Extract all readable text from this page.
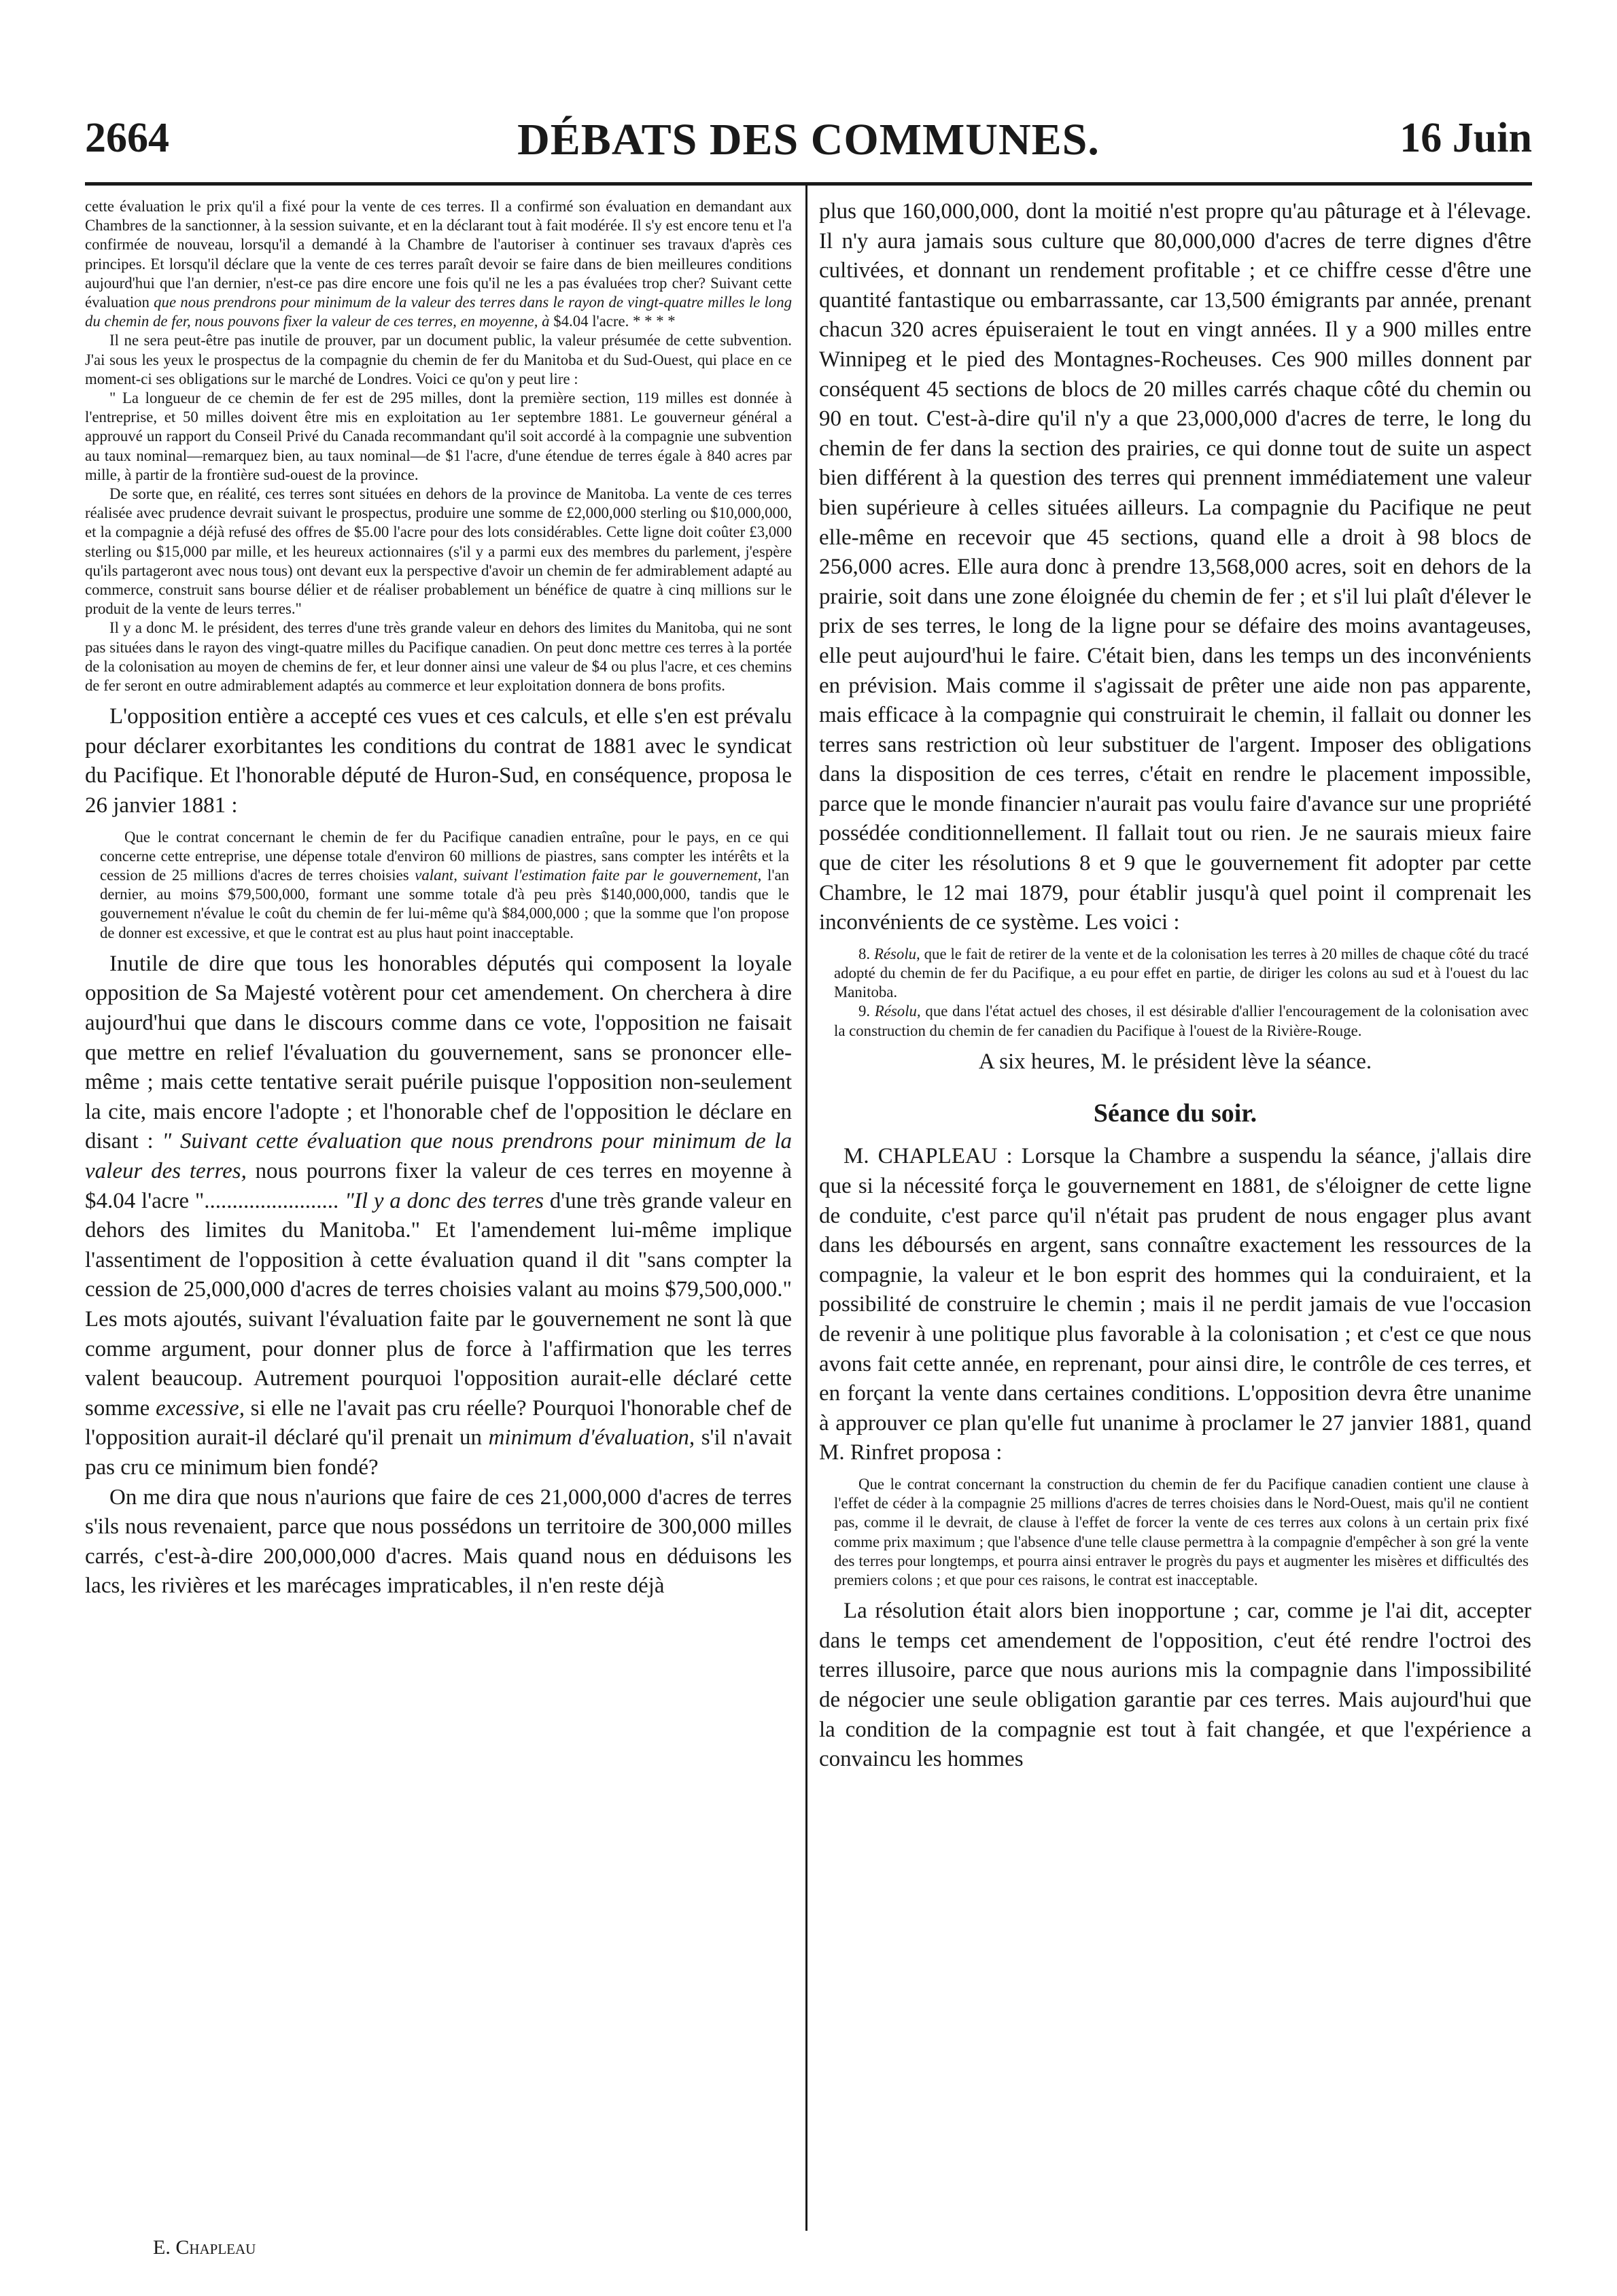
2664	DÉBATS DES COMMUNES.	16 Juin

cette évaluation le prix qu'il a fixé pour la vente de ces terres. Il a confirmé son évaluation en demandant aux Chambres de la sanctionner, à la session suivante, et en la déclarant tout à fait modérée. Il s'y est encore tenu et l'a confirmée de nouveau, lorsqu'il a demandé à la Chambre de l'autoriser à continuer ses travaux d'après ces principes. Et lorsqu'il déclare que la vente de ces terres paraît devoir se faire dans de bien meilleures conditions aujourd'hui que l'an dernier, n'est-ce pas dire encore une fois qu'il ne les a pas évaluées trop cher? Suivant cette évaluation que nous prendrons pour minimum de la valeur des terres dans le rayon de vingt-quatre milles le long du chemin de fer, nous pouvons fixer la valeur de ces terres, en moyenne, à $4.04 l'acre. * * * *

Il ne sera peut-être pas inutile de prouver, par un document public, la valeur présumée de cette subvention. J'ai sous les yeux le prospectus de la compagnie du chemin de fer du Manitoba et du Sud-Ouest, qui place en ce moment-ci ses obligations sur le marché de Londres. Voici ce qu'on y peut lire :

" La longueur de ce chemin de fer est de 295 milles, dont la première section, 119 milles est donnée à l'entreprise, et 50 milles doivent être mis en exploitation au 1er septembre 1881. Le gouverneur général a approuvé un rapport du Conseil Privé du Canada recommandant qu'il soit accordé à la compagnie une subvention au taux nominal—remarquez bien, au taux nominal—de $1 l'acre, d'une étendue de terres égale à 840 acres par mille, à partir de la frontière sud-ouest de la province.

De sorte que, en réalité, ces terres sont situées en dehors de la province de Manitoba. La vente de ces terres réalisée avec prudence devrait suivant le prospectus, produire une somme de £2,000,000 sterling ou $10,000,000, et la compagnie a déjà refusé des offres de $5.00 l'acre pour des lots considérables. Cette ligne doit coûter £3,000 sterling ou $15,000 par mille, et les heureux actionnaires (s'il y a parmi eux des membres du parlement, j'espère qu'ils partageront avec nous tous) ont devant eux la perspective d'avoir un chemin de fer admirablement adapté au commerce, construit sans bourse délier et de réaliser probablement un bénéfice de quatre à cinq millions sur le produit de la vente de leurs terres."

Il y a donc M. le président, des terres d'une très grande valeur en dehors des limites du Manitoba, qui ne sont pas situées dans le rayon des vingt-quatre milles du Pacifique canadien. On peut donc mettre ces terres à la portée de la colonisation au moyen de chemins de fer, et leur donner ainsi une valeur de $4 ou plus l'acre, et ces chemins de fer seront en outre admirablement adaptés au commerce et leur exploitation donnera de bons profits.

L'opposition entière a accepté ces vues et ces calculs, et elle s'en est prévalu pour déclarer exorbitantes les conditions du contrat de 1881 avec le syndicat du Pacifique. Et l'honorable député de Huron-Sud, en conséquence, proposa le 26 janvier 1881 :

Que le contrat concernant le chemin de fer du Pacifique canadien entraîne, pour le pays, en ce qui concerne cette entreprise, une dépense totale d'environ 60 millions de piastres, sans compter les intérêts et la cession de 25 millions d'acres de terres choisies valant, suivant l'estimation faite par le gouvernement, l'an dernier, au moins $79,500,000, formant une somme totale d'à peu près $140,000,000, tandis que le gouvernement n'évalue le coût du chemin de fer lui-même qu'à $84,000,000 ; que la somme que l'on propose de donner est excessive, et que le contrat est au plus haut point inacceptable.

Inutile de dire que tous les honorables députés qui composent la loyale opposition de Sa Majesté votèrent pour cet amendement. On cherchera à dire aujourd'hui que dans le discours comme dans ce vote, l'opposition ne faisait que mettre en relief l'évaluation du gouvernement, sans se prononcer elle-même ; mais cette tentative serait puérile puisque l'opposition non-seulement la cite, mais encore l'adopte ; et l'honorable chef de l'opposition le déclare en disant : " Suivant cette évaluation que nous prendrons pour minimum de la valeur des terres, nous pourrons fixer la valeur de ces terres en moyenne à $4.04 l'acre "........................ "Il y a donc des terres d'une très grande valeur en dehors des limites du Manitoba." Et l'amendement lui-même implique l'assentiment de l'opposition à cette évaluation quand il dit "sans compter la cession de 25,000,000 d'acres de terres choisies valant au moins $79,500,000." Les mots ajoutés, suivant l'évaluation faite par le gouvernement ne sont là que comme argument, pour donner plus de force à l'affirmation que les terres valent beaucoup. Autrement pourquoi l'opposition aurait-elle déclaré cette somme excessive, si elle ne l'avait pas cru réelle? Pourquoi l'honorable chef de l'opposition aurait-il déclaré qu'il prenait un minimum d'évaluation, s'il n'avait pas cru ce minimum bien fondé?

On me dira que nous n'aurions que faire de ces 21,000,000 d'acres de terres s'ils nous revenaient, parce que nous possédons un territoire de 300,000 milles carrés, c'est-à-dire 200,000,000 d'acres. Mais quand nous en déduisons les lacs, les rivières et les marécages impraticables, il n'en reste déjà

plus que 160,000,000, dont la moitié n'est propre qu'au pâturage et à l'élevage. Il n'y aura jamais sous culture que 80,000,000 d'acres de terre dignes d'être cultivées, et donnant un rendement profitable ; et ce chiffre cesse d'être une quantité fantastique ou embarrassante, car 13,500 émigrants par année, prenant chacun 320 acres épuiseraient le tout en vingt années. Il y a 900 milles entre Winnipeg et le pied des Montagnes-Rocheuses. Ces 900 milles donnent par conséquent 45 sections de blocs de 20 milles carrés chaque côté du chemin ou 90 en tout. C'est-à-dire qu'il n'y a que 23,000,000 d'acres de terre, le long du chemin de fer dans la section des prairies, ce qui donne tout de suite un aspect bien différent à la question des terres qui prennent immédiatement une valeur bien supérieure à celles situées ailleurs. La compagnie du Pacifique ne peut elle-même en recevoir que 45 sections, quand elle a droit à 98 blocs de 256,000 acres. Elle aura donc à prendre 13,568,000 acres, soit en dehors de la prairie, soit dans une zone éloignée du chemin de fer ; et s'il lui plaît d'élever le prix de ses terres, le long de la ligne pour se défaire des moins avantageuses, elle peut aujourd'hui le faire. C'était bien, dans les temps un des inconvénients en prévision. Mais comme il s'agissait de prêter une aide non pas apparente, mais efficace à la compagnie qui construirait le chemin, il fallait ou donner les terres sans restriction où leur substituer de l'argent. Imposer des obligations dans la disposition de ces terres, c'était en rendre le placement impossible, parce que le monde financier n'aurait pas voulu faire d'avance sur une propriété possédée conditionnellement. Il fallait tout ou rien. Je ne saurais mieux faire que de citer les résolutions 8 et 9 que le gouvernement fit adopter par cette Chambre, le 12 mai 1879, pour établir jusqu'à quel point il comprenait les inconvénients de ce système. Les voici :

8. Résolu, que le fait de retirer de la vente et de la colonisation les terres à 20 milles de chaque côté du tracé adopté du chemin de fer du Pacifique, a eu pour effet en partie, de diriger les colons au sud et à l'ouest du lac Manitoba.

9. Résolu, que dans l'état actuel des choses, il est désirable d'allier l'encouragement de la colonisation avec la construction du chemin de fer canadien du Pacifique à l'ouest de la Rivière-Rouge.

A six heures, M. le président lève la séance.

Séance du soir.

M. CHAPLEAU : Lorsque la Chambre a suspendu la séance, j'allais dire que si la nécessité força le gouvernement en 1881, de s'éloigner de cette ligne de conduite, c'est parce qu'il n'était pas prudent de nous engager plus avant dans les déboursés en argent, sans connaître exactement les ressources de la compagnie, la valeur et le bon esprit des hommes qui la conduiraient, et la possibilité de construire le chemin ; mais il ne perdit jamais de vue l'occasion de revenir à une politique plus favorable à la colonisation ; et c'est ce que nous avons fait cette année, en reprenant, pour ainsi dire, le contrôle de ces terres, et en forçant la vente dans certaines conditions. L'opposition devra être unanime à approuver ce plan qu'elle fut unanime à proclamer le 27 janvier 1881, quand M. Rinfret proposa :

Que le contrat concernant la construction du chemin de fer du Pacifique canadien contient une clause à l'effet de céder à la compagnie 25 millions d'acres de terres choisies dans le Nord-Ouest, mais qu'il ne contient pas, comme il le devrait, de clause à l'effet de forcer la vente de ces terres aux colons à un certain prix fixé comme prix maximum ; que l'absence d'une telle clause permettra à la compagnie d'empêcher à son gré la vente des terres pour longtemps, et pourra ainsi entraver le progrès du pays et augmenter les misères et difficultés des premiers colons ; et que pour ces raisons, le contrat est inacceptable.

La résolution était alors bien inopportune ; car, comme je l'ai dit, accepter dans le temps cet amendement de l'opposition, c'eut été rendre l'octroi des terres illusoire, parce que nous aurions mis la compagnie dans l'impossibilité de négocier une seule obligation garantie par ces terres. Mais aujourd'hui que la condition de la compagnie est tout à fait changée, et que l'expérience a convaincu les hommes

E. Chapleau
